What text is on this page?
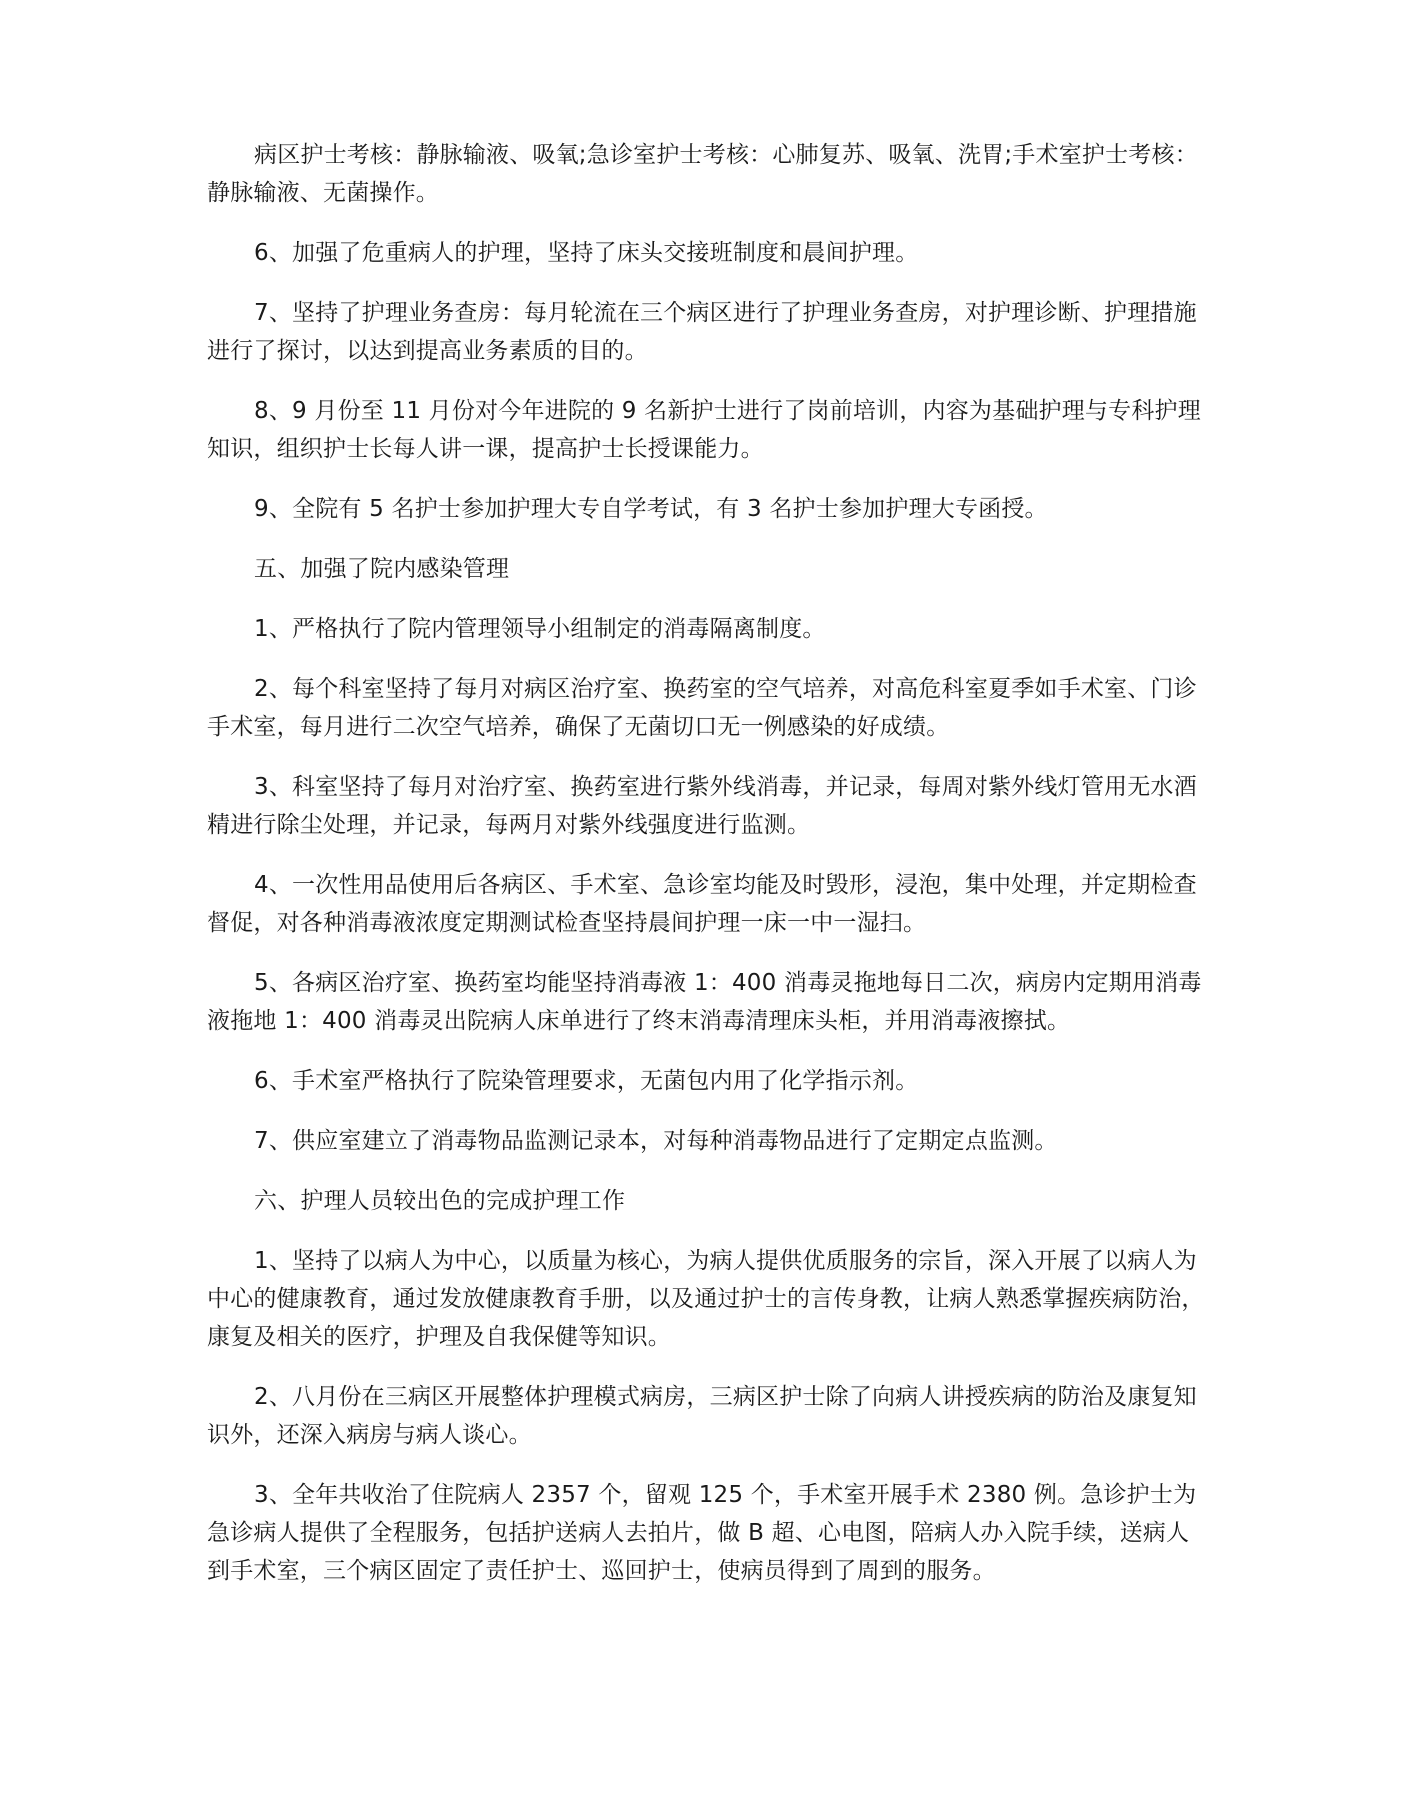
病区护士考核：静脉输液、吸氧;急诊室护士考核：心肺复苏、吸氧、洗胃;手术室护士考核：静脉输液、无菌操作。

6、加强了危重病人的护理，坚持了床头交接班制度和晨间护理。

7、坚持了护理业务查房：每月轮流在三个病区进行了护理业务查房，对护理诊断、护理措施进行了探讨，以达到提高业务素质的目的。

8、9 月份至 11 月份对今年进院的 9 名新护士进行了岗前培训，内容为基础护理与专科护理知识，组织护士长每人讲一课，提高护士长授课能力。

9、全院有 5 名护士参加护理大专自学考试，有 3 名护士参加护理大专函授。

五、加强了院内感染管理

1、严格执行了院内管理领导小组制定的消毒隔离制度。

2、每个科室坚持了每月对病区治疗室、换药室的空气培养，对高危科室夏季如手术室、门诊手术室，每月进行二次空气培养，确保了无菌切口无一例感染的好成绩。

3、科室坚持了每月对治疗室、换药室进行紫外线消毒，并记录，每周对紫外线灯管用无水酒精进行除尘处理，并记录，每两月对紫外线强度进行监测。

4、一次性用品使用后各病区、手术室、急诊室均能及时毁形，浸泡，集中处理，并定期检查督促，对各种消毒液浓度定期测试检查坚持晨间护理一床一中一湿扫。

5、各病区治疗室、换药室均能坚持消毒液 1：400 消毒灵拖地每日二次，病房内定期用消毒液拖地 1：400 消毒灵出院病人床单进行了终末消毒清理床头柜，并用消毒液擦拭。

6、手术室严格执行了院染管理要求，无菌包内用了化学指示剂。

7、供应室建立了消毒物品监测记录本，对每种消毒物品进行了定期定点监测。

六、护理人员较出色的完成护理工作

1、坚持了以病人为中心，以质量为核心，为病人提供优质服务的宗旨，深入开展了以病人为中心的健康教育，通过发放健康教育手册，以及通过护士的言传身教，让病人熟悉掌握疾病防治，康复及相关的医疗，护理及自我保健等知识。

2、八月份在三病区开展整体护理模式病房，三病区护士除了向病人讲授疾病的防治及康复知识外，还深入病房与病人谈心。

3、全年共收治了住院病人 2357 个，留观 125 个，手术室开展手术 2380 例。急诊护士为急诊病人提供了全程服务，包括护送病人去拍片，做 B 超、心电图，陪病人办入院手续，送病人到手术室，三个病区固定了责任护士、巡回护士，使病员得到了周到的服务。
